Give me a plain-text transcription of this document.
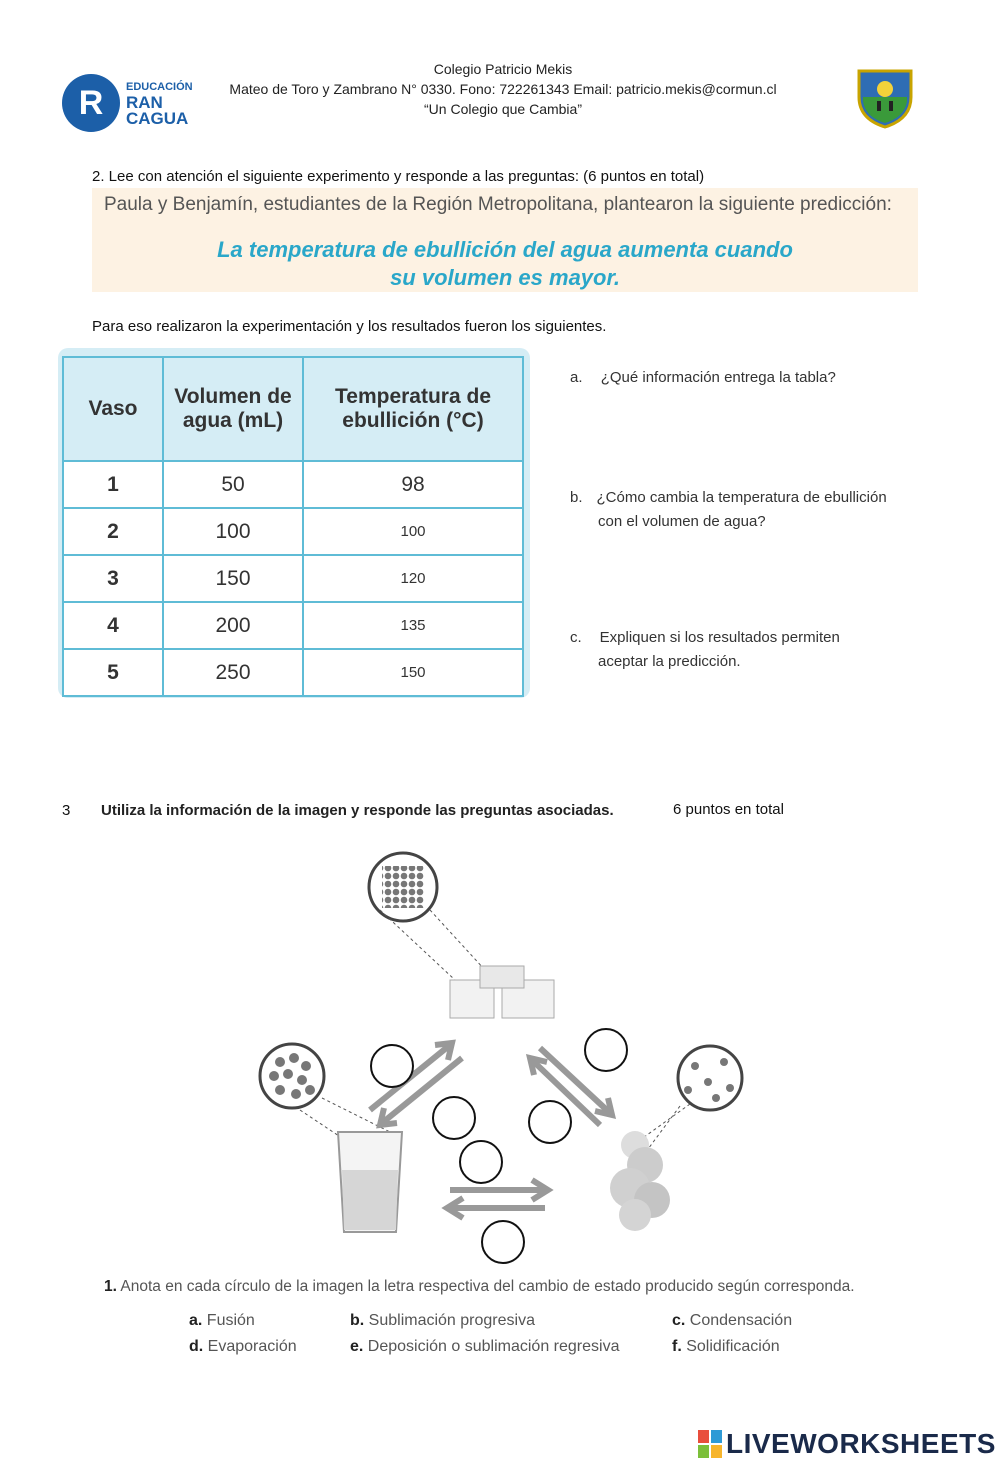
R	EDUCACIÓN
RAN
CAGUA
Colegio Patricio Mekis
Mateo de Toro y Zambrano N° 0330. Fono: 722261343 Email: patricio.mekis@cormun.cl
“Un Colegio que Cambia”
2. Lee con atención el siguiente experimento y responde a las preguntas: (6 puntos en total)
Paula y Benjamín, estudiantes de la Región Metropolitana, plantearon la siguiente predicción:
La temperatura de ebullición del agua aumenta cuando
su volumen es mayor.
Para eso realizaron la experimentación y los resultados fueron los siguientes.
Vaso	Volumen de agua (mL)	Temperatura de ebullición (°C)
1	50	98
2	100	100
3	150	120
4	200	135
5	250	150
a. ¿Qué información entrega la tabla?
b. ¿Cómo cambia la temperatura de ebullición
con el volumen de agua?
c. Expliquen si los resultados permiten
aceptar la predicción.
3 Utiliza la información de la imagen y responde las preguntas asociadas.	6 puntos en total
1. Anota en cada círculo de la imagen la letra respectiva del cambio de estado producido según corresponda.
a. Fusión	b. Sublimación progresiva	c. Condensación
d. Evaporación	e. Deposición o sublimación regresiva	f. Solidificación
LIVEWORKSHEETS
